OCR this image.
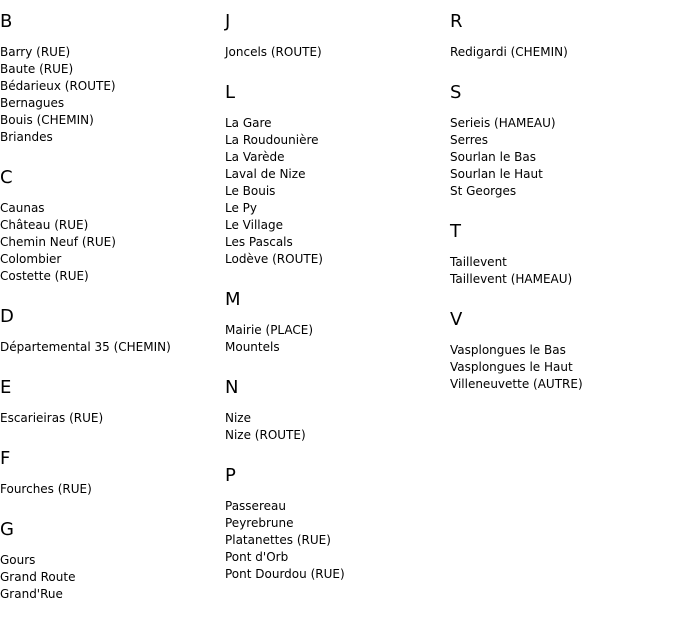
B
Barry (RUE)
Baute (RUE)
Bédarieux (ROUTE)
Bernagues
Bouis (CHEMIN)
Briandes
C
Caunas
Château (RUE)
Chemin Neuf (RUE)
Colombier
Costette (RUE)
D
Départemental 35 (CHEMIN)
E
Escarieiras (RUE)
F
Fourches (RUE)
G
Gours
Grand Route
Grand'Rue
J
Joncels (ROUTE)
L
La Gare
La Roudounière
La Varède
Laval de Nize
Le Bouis
Le Py
Le Village
Les Pascals
Lodève (ROUTE)
M
Mairie (PLACE)
Mountels
N
Nize
Nize (ROUTE)
P
Passereau
Peyrebrune
Platanettes (RUE)
Pont d'Orb
Pont Dourdou (RUE)
R
Redigardi (CHEMIN)
S
Serieis (HAMEAU)
Serres
Sourlan le Bas
Sourlan le Haut
St Georges
T
Taillevent
Taillevent (HAMEAU)
V
Vasplongues le Bas
Vasplongues le Haut
Villeneuvette (AUTRE)
